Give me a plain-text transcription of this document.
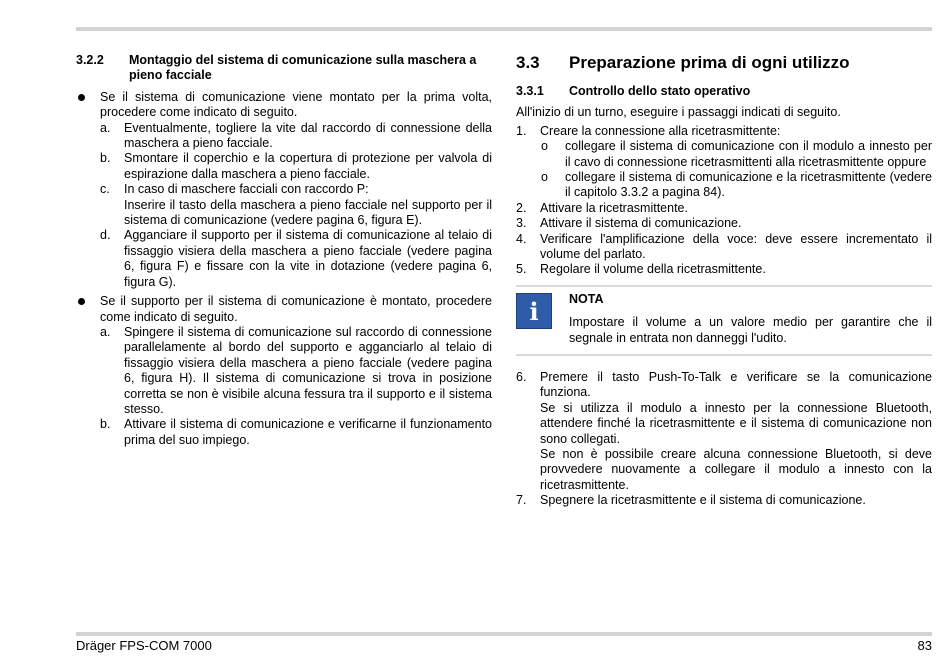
3.2.2	Montaggio del sistema di comunicazione sulla maschera a pieno facciale

Se il sistema di comunicazione viene montato per la prima volta, procedere come indicato di seguito.

a.	Eventualmente, togliere la vite dal raccordo di connessione della maschera a pieno facciale.
b.	Smontare il coperchio e la copertura di protezione per valvola di espirazione dalla maschera a pieno facciale.
c.	In caso di maschere facciali con raccordo P:
Inserire il tasto della maschera a pieno facciale nel supporto per il sistema di comunicazione (vedere pagina 6, figura E).
d.	Agganciare il supporto per il sistema di comunicazione al telaio di fissaggio visiera della maschera a pieno facciale (vedere pagina 6, figura F) e fissare con la vite in dotazione (vedere pagina 6, figura G).

Se il supporto per il sistema di comunicazione è montato, procedere come indicato di seguito.

a.	Spingere il sistema di comunicazione sul raccordo di connessione parallelamente al bordo del supporto e agganciarlo al telaio di fissaggio visiera della maschera a pieno facciale (vedere pagina 6, figura H). Il sistema di comunicazione si trova in posizione corretta se non è visibile alcuna fessura tra il supporto e il sistema stesso.
b.	Attivare il sistema di comunicazione e verificarne il funzionamento prima del suo impiego.
3.3	Preparazione prima di ogni utilizzo
3.3.1	Controllo dello stato operativo

All'inizio di un turno, eseguire i passaggi indicati di seguito.

1.	Creare la connessione alla ricetrasmittente:
o	collegare il sistema di comunicazione con il modulo a innesto per il cavo di connessione ricetrasmittenti alla ricetrasmittente oppure
o	collegare il sistema di comunicazione e la ricetrasmittente (vedere il capitolo 3.3.2 a pagina 84).
2.	Attivare la ricetrasmittente.
3.	Attivare il sistema di comunicazione.
4.	Verificare l'amplificazione della voce: deve essere incrementato il volume del parlato.
5.	Regolare il volume della ricetrasmittente.
i	NOTA
Impostare il volume a un valore medio per garantire che il segnale in entrata non danneggi l'udito.
6.	Premere il tasto Push-To-Talk e verificare se la comunicazione funziona.
Se si utilizza il modulo a innesto per la connessione Bluetooth, attendere finché la ricetrasmittente e il sistema di comunicazione non sono collegati.
Se non è possibile creare alcuna connessione Bluetooth, si deve provvedere nuovamente a collegare il modulo a innesto con la ricetrasmittente.
7.	Spegnere la ricetrasmittente e il sistema di comunicazione.
Dräger FPS-COM 7000	83
